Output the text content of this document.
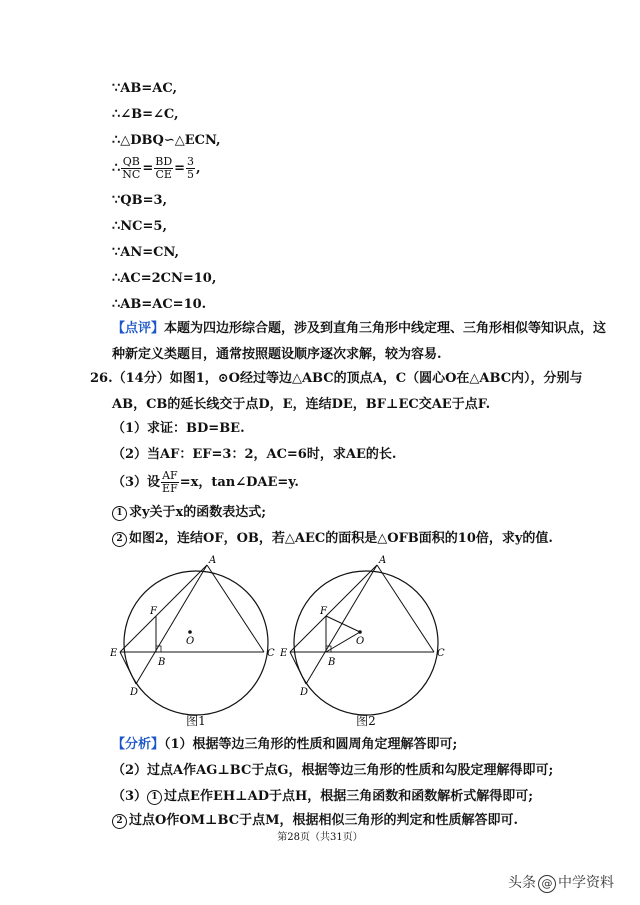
∵AB=AC,
∴∠B=∠C,
∴△DBQ∽△ECN,
∴ $\frac{QB}{NC} = \frac{BD}{CE} = \frac{3}{5}$ ,
∵QB=3,
∴NC=5,
∵AN=CN,
∴AC=2CN=10,
∴AB=AC=10.
【点评】本题为四边形综合题，涉及到直角三角形中线定理、三角形相似等知识点，这
种新定义类题目，通常按照题设顺序逐次求解，较为容易.
26.（14分）如图1，⊙O经过等边△ABC的顶点A，C（圆心O在△ABC内），分别与
AB，CB的延长线交于点D，E，连结DE，BF⊥EC交AE于点F.
（1）求证：BD=BE.
（2）当AF：EF=3：2，AC=6时，求AE的长.
（3）设 $\frac{AF}{EF} =x$，tan∠DAE=y.
1 求y关于x的函数表达式;
2 如图2，连结OF，OB，若△AEC的面积是△OFB面积的10倍，求y的值.
A
B
C
D
E
F
O
图1
A
B
C
D
E
F
O
图2
【分析】（1）根据等边三角形的性质和圆周角定理解答即可;
（2）过点A作AG⊥BC于点G，根据等边三角形的性质和勾股定理解得即可;
（3） 1 过点E作EH⊥AD于点H，根据三角函数和函数解析式解得即可;
2 过点O作OM⊥BC于点M，根据相似三角形的判定和性质解答即可.
第28页（共31页）
头条 @ 中学资料
